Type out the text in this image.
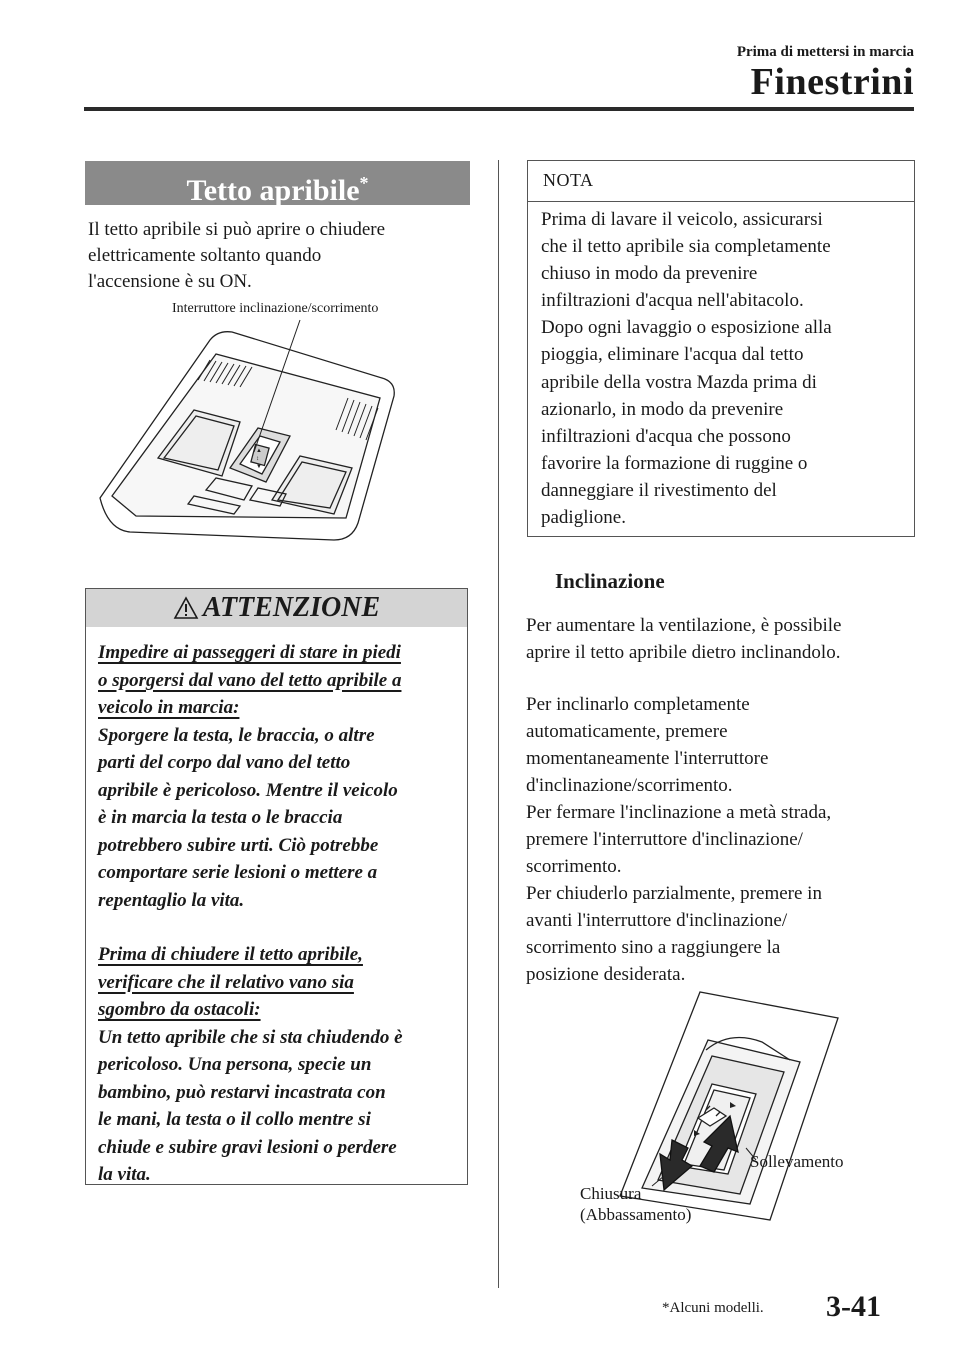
Prima di mettersi in marcia
Finestrini
Tetto apribile*
Il tetto apribile si può aprire o chiudere
elettricamente soltanto quando
l'accensione è su ON.
Interruttore inclinazione/scorrimento
▲
↕
▼
ATTENZIONE
Impedire ai passeggeri di stare in piedi
o sporgersi dal vano del tetto apribile a
veicolo in marcia:
Sporgere la testa, le braccia, o altre
parti del corpo dal vano del tetto
apribile è pericoloso. Mentre il veicolo
è in marcia la testa o le braccia
potrebbero subire urti. Ciò potrebbe
comportare serie lesioni o mettere a
repentaglio la vita.
Prima di chiudere il tetto apribile,
verificare che il relativo vano sia
sgombro da ostacoli:
Un tetto apribile che si sta chiudendo è
pericoloso. Una persona, specie un
bambino, può restarvi incastrata con
le mani, la testa o il collo mentre si
chiude e subire gravi lesioni o perdere
la vita.
NOTA
Prima di lavare il veicolo, assicurarsi
che il tetto apribile sia completamente
chiuso in modo da prevenire
infiltrazioni d'acqua nell'abitacolo.
Dopo ogni lavaggio o esposizione alla
pioggia, eliminare l'acqua dal tetto
apribile della vostra Mazda prima di
azionarlo, in modo da prevenire
infiltrazioni d'acqua che possono
favorire la formazione di ruggine o
danneggiare il rivestimento del
padiglione.
Inclinazione
Per aumentare la ventilazione, è possibile
aprire il tetto apribile dietro inclinandolo.
Per inclinarlo completamente
automaticamente, premere
momentaneamente l'interruttore
d'inclinazione/scorrimento.
Per fermare l'inclinazione a metà strada,
premere l'interruttore d'inclinazione/
scorrimento.
Per chiuderlo parzialmente, premere in
avanti l'interruttore d'inclinazione/
scorrimento sino a raggiungere la
posizione desiderata.
Chiusura
(Abbassamento)
Sollevamento
*Alcuni modelli. 3-41
